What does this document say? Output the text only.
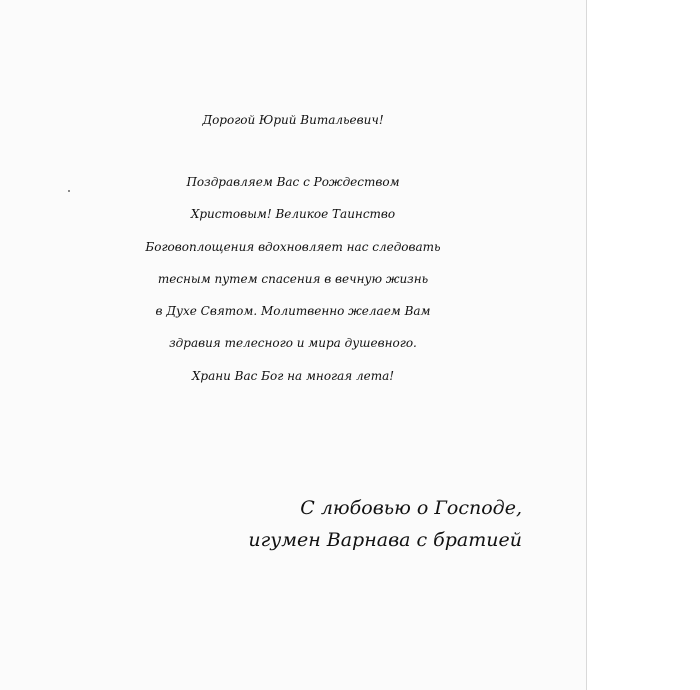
Дорогой Юрий Витальевич!
Поздравляем Вас с Рождеством
Христовым! Великое Таинство
Боговоплощения вдохновляет нас следовать
тесным путем спасения в вечную жизнь
в Духе Святом. Молитвенно желаем Вам
здравия телесного и мира душевного.
Храни Вас Бог на многая лета!
С любовью о Господе,
игумен Варнава с братией
